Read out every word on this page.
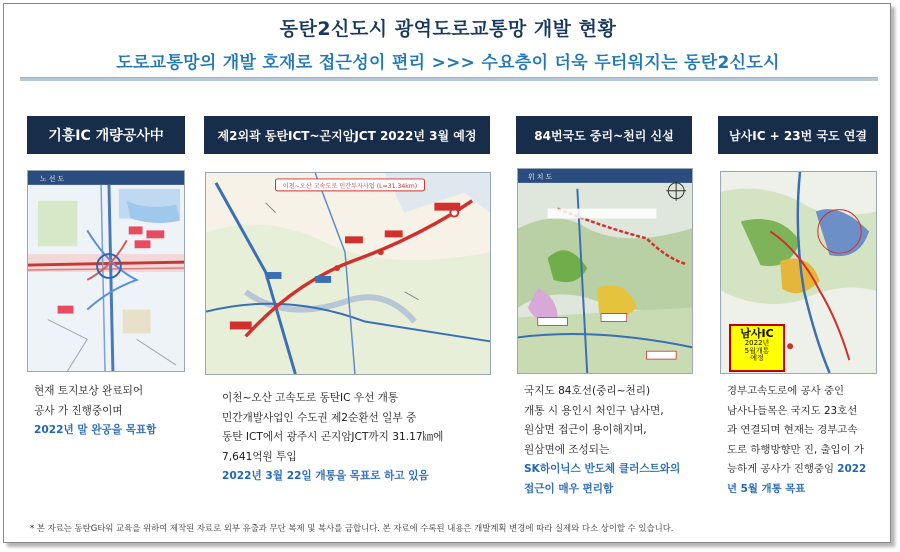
동탄2신도시 광역도로교통망 개발 현황
도로교통망의 개발 호재로 접근성이 편리 >>> 수요층이 더욱 두터워지는 동탄2신도시
기흥IC 개량공사中	제2외곽 동탄ICT~곤지암JCT 2022년 3월 예정	84번국도 중리~천리 신설	남사IC + 23번 국도 연결
노 선 도
이천~오산 고속도로 민간투자사업 (L=31.34km)
위 치 도
남사IC
2022년
5월개통
예정
현재 토지보상 완료되어
공사 가 진행중이며
2022년 말 완공을 목표함
이천~오산 고속도로 동탄IC 우선 개통
민간개발사업인 수도권 제2순환선 일부 중
동탄 ICT에서 광주시 곤지암JCT까지 31.17㎞에
7,641억원 투입
2022년 3월 22일 개통을 목표로 하고 있음
국지도 84호선(중리~천리)
개통 시 용인시 처인구 남사면,
원삼면 접근이 용이해지며,
원삼면에 조성되는
SK하이닉스 반도체 클러스트와의
접근이 매우 편리함
경부고속도로에 공사 중인
남사나들목은 국지도 23호선
과 연결되며 현재는 경부고속
도로 하행방향만 진, 출입이 가
능하게 공사가 진행중임 2022
년 5월 개통 목표
* 본 자료는 동탄G타워 교육을 위하여 제작된 자료로 외부 유출과 무단 복제 및 복사를 금합니다. 본 자료에 수록된 내용은 개발계획 변경에 따라 실제와 다소 상이할 수 있습니다.
